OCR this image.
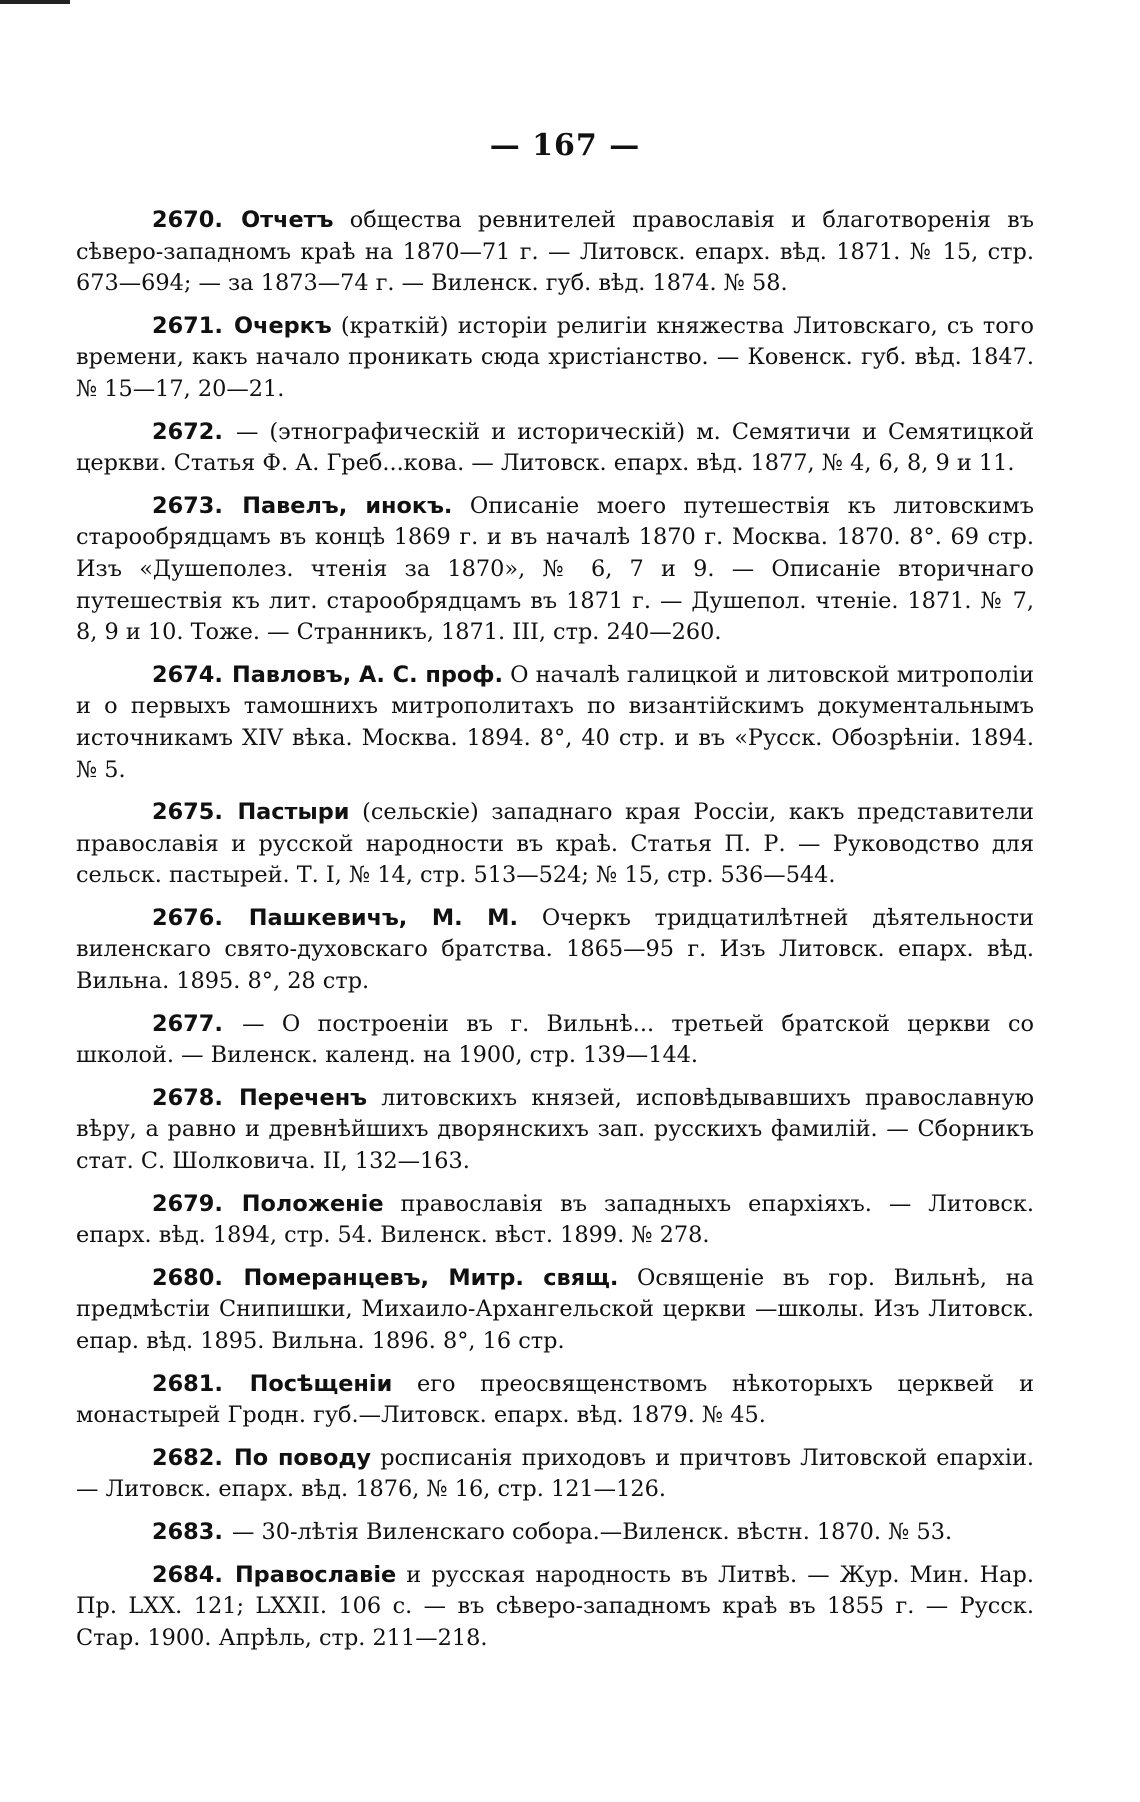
— 167 —

2670. Отчетъ общества ревнителей православія и благотворенія въ сѣверо-западномъ краѣ на 1870—71 г. — Литовск. епарх. вѣд. 1871. № 15, стр. 673—694; — за 1873—74 г. — Виленск. губ. вѣд. 1874. № 58.

2671. Очеркъ (краткій) исторіи религіи княжества Литовскаго, съ того времени, какъ начало проникать сюда христіанство. — Ковенск. губ. вѣд. 1847. № 15—17, 20—21.

2672. — (этнографическій и историческій) м. Семятичи и Семятицкой церкви. Статья Ф. А. Греб...кова. — Литовск. епарх. вѣд. 1877, № 4, 6, 8, 9 и 11.

2673. Павелъ, инокъ. Описаніе моего путешествія къ литовскимъ старообрядцамъ въ концѣ 1869 г. и въ началѣ 1870 г. Москва. 1870. 8°. 69 стр. Изъ «Душеполез. чтенія за 1870», № 6, 7 и 9. — Описаніе вторичнаго путешествія къ лит. старообрядцамъ въ 1871 г. — Душепол. чтеніе. 1871. № 7, 8, 9 и 10. Тоже. — Странникъ, 1871. III, стр. 240—260.

2674. Павловъ, А. С. проф. О началѣ галицкой и литовской митрополіи и о первыхъ тамошнихъ митрополитахъ по византійскимъ документальнымъ источникамъ XIV вѣка. Москва. 1894. 8°, 40 стр. и въ «Русск. Обозрѣніи. 1894. № 5.

2675. Пастыри (сельскіе) западнаго края Россіи, какъ представители православія и русской народности въ краѣ. Статья П. Р. — Руководство для сельск. пастырей. Т. I, № 14, стр. 513—524; № 15, стр. 536—544.

2676. Пашкевичъ, М. М. Очеркъ тридцатилѣтней дѣятельности виленскаго свято-духовскаго братства. 1865—95 г. Изъ Литовск. епарх. вѣд. Вильна. 1895. 8°, 28 стр.

2677. — О построеніи въ г. Вильнѣ... третьей братской церкви со школой. — Виленск. календ. на 1900, стр. 139—144.

2678. Переченъ литовскихъ князей, исповѣдывавшихъ православную вѣру, а равно и древнѣйшихъ дворянскихъ зап. русскихъ фамилій. — Сборникъ стат. С. Шолковича. II, 132—163.

2679. Положеніе православія въ западныхъ епархіяхъ. — Литовск. епарх. вѣд. 1894, стр. 54. Виленск. вѣст. 1899. № 278.

2680. Померанцевъ, Митр. свящ. Освященіе въ гор. Вильнѣ, на предмѣстіи Снипишки, Михаило-Архангельской церкви —школы. Изъ Литовск. епар. вѣд. 1895. Вильна. 1896. 8°, 16 стр.

2681. Посѣщеніи его преосвященствомъ нѣкоторыхъ церквей и монастырей Гродн. губ.—Литовск. епарх. вѣд. 1879. № 45.

2682. По поводу росписанія приходовъ и причтовъ Литовской епархіи. — Литовск. епарх. вѣд. 1876, № 16, стр. 121—126.

2683. — 30-лѣтія Виленскаго собора.—Виленск. вѣстн. 1870. № 53.

2684. Православіе и русская народность въ Литвѣ. — Жур. Мин. Нар. Пр. LXX. 121; LXXII. 106 с. — въ сѣверо-западномъ краѣ въ 1855 г. — Русск. Стар. 1900. Апрѣль, стр. 211—218.
